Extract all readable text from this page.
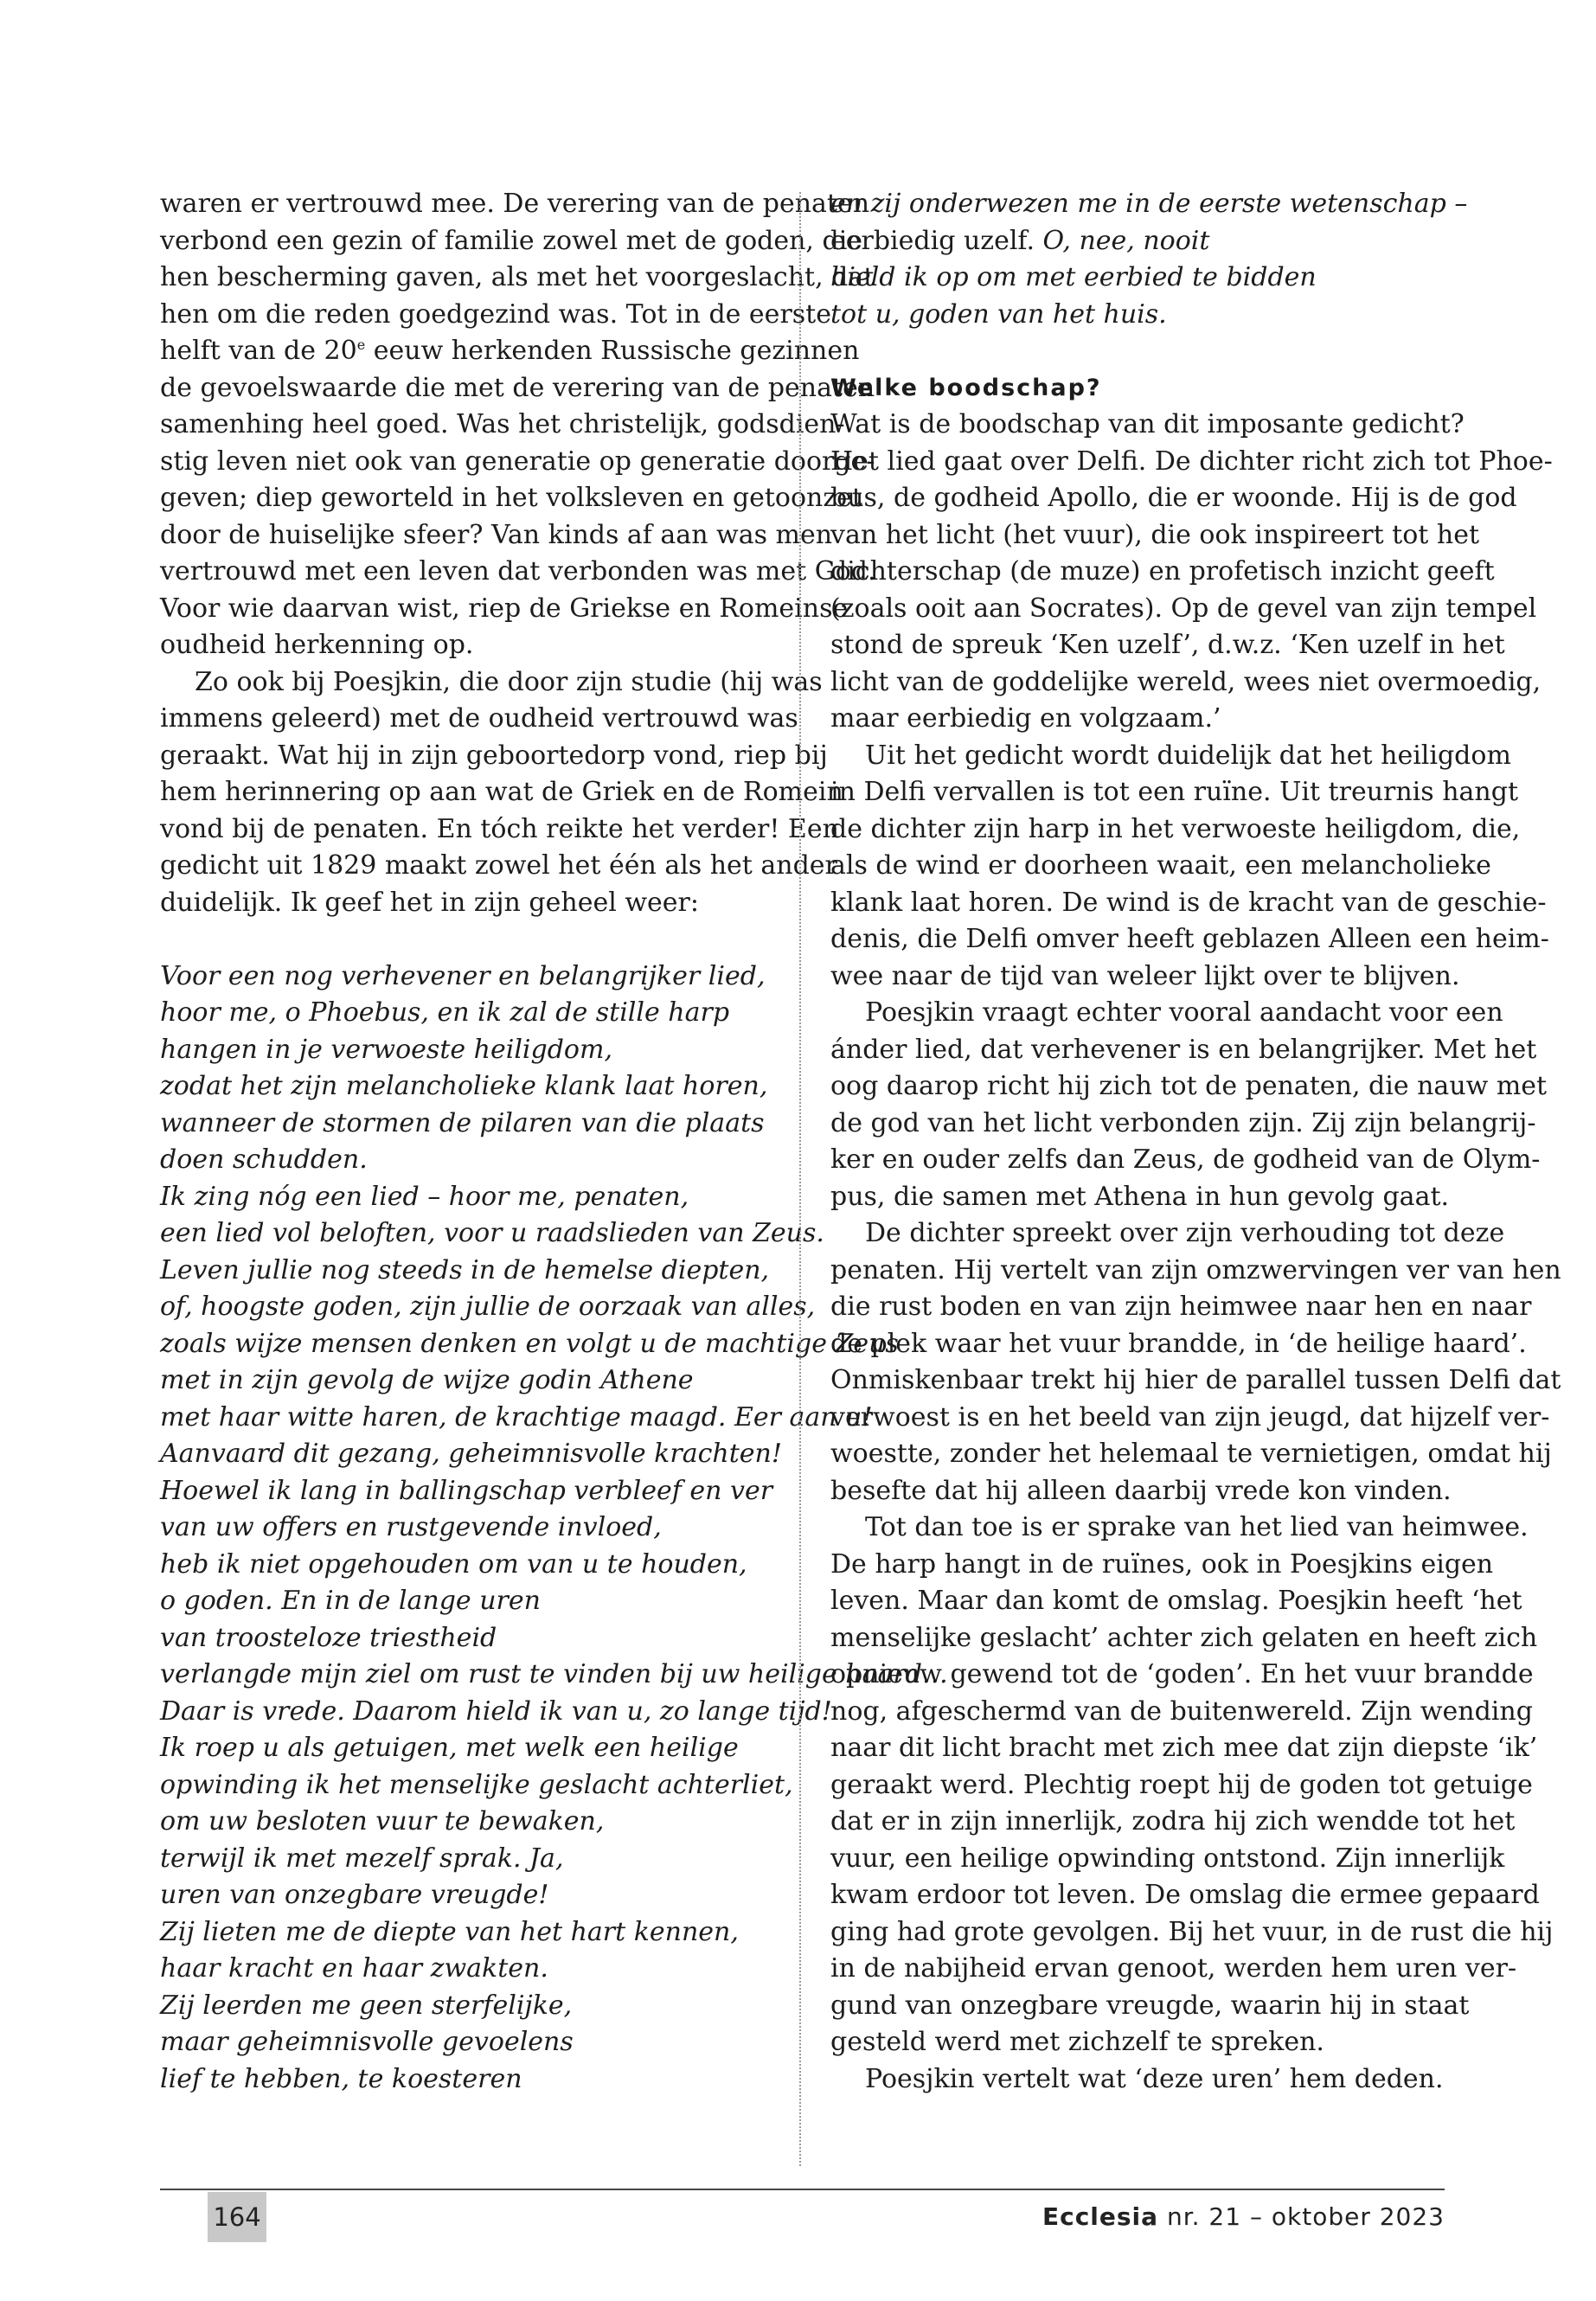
waren er vertrouwd mee. De verering van de penaten
verbond een gezin of familie zowel met de goden, die
hen bescherming gaven, als met het voorgeslacht, dat
hen om die reden goedgezind was. Tot in de eerste
helft van de 20e eeuw herkenden Russische gezinnen
de gevoelswaarde die met de verering van de penaten
samenhing heel goed. Was het christelijk, godsdien-
stig leven niet ook van generatie op generatie doorge-
geven; diep geworteld in het volksleven en getoonzet
door de huiselijke sfeer? Van kinds af aan was men
vertrouwd met een leven dat verbonden was met God.
Voor wie daarvan wist, riep de Griekse en Romeinse
oudheid herkenning op.

Zo ook bij Poesjkin, die door zijn studie (hij was
immens geleerd) met de oudheid vertrouwd was
geraakt. Wat hij in zijn geboortedorp vond, riep bij
hem herinnering op aan wat de Griek en de Romein
vond bij de penaten. En tóch reikte het verder! Een
gedicht uit 1829 maakt zowel het één als het ander
duidelijk. Ik geef het in zijn geheel weer:

Voor een nog verhevener en belangrijker lied,
hoor me, o Phoebus, en ik zal de stille harp
hangen in je verwoeste heiligdom,
zodat het zijn melancholieke klank laat horen,
wanneer de stormen de pilaren van die plaats
doen schudden.
Ik zing nóg een lied – hoor me, penaten,
een lied vol beloften, voor u raadslieden van Zeus.
Leven jullie nog steeds in de hemelse diepten,
of, hoogste goden, zijn jullie de oorzaak van alles,
zoals wijze mensen denken en volgt u de machtige Zeus
met in zijn gevolg de wijze godin Athene
met haar witte haren, de krachtige maagd. Eer aan u!
Aanvaard dit gezang, geheimnisvolle krachten!
Hoewel ik lang in ballingschap verbleef en ver
van uw offers en rustgevende invloed,
heb ik niet opgehouden om van u te houden,
o goden. En in de lange uren
van troosteloze triestheid
verlangde mijn ziel om rust te vinden bij uw heilige haard…
Daar is vrede. Daarom hield ik van u, zo lange tijd!
Ik roep u als getuigen, met welk een heilige
opwinding ik het menselijke geslacht achterliet,
om uw besloten vuur te bewaken,
terwijl ik met mezelf sprak. Ja,
uren van onzegbare vreugde!
Zij lieten me de diepte van het hart kennen,
haar kracht en haar zwakten.
Zij leerden me geen sterfelijke,
maar geheimnisvolle gevoelens
lief te hebben, te koesteren
en zij onderwezen me in de eerste wetenschap –
eerbiedig uzelf. O, nee, nooit
hield ik op om met eerbied te bidden
tot u, goden van het huis.
Welke boodschap?

Wat is de boodschap van dit imposante gedicht?
Het lied gaat over Delfi. De dichter richt zich tot Phoe-
bus, de godheid Apollo, die er woonde. Hij is de god
van het licht (het vuur), die ook inspireert tot het
dichterschap (de muze) en profetisch inzicht geeft
(zoals ooit aan Socrates). Op de gevel van zijn tempel
stond de spreuk ‘Ken uzelf’, d.w.z. ‘Ken uzelf in het
licht van de goddelijke wereld, wees niet overmoedig,
maar eerbiedig en volgzaam.’

Uit het gedicht wordt duidelijk dat het heiligdom
in Delfi vervallen is tot een ruïne. Uit treurnis hangt
de dichter zijn harp in het verwoeste heiligdom, die,
als de wind er doorheen waait, een melancholieke
klank laat horen. De wind is de kracht van de geschie-
denis, die Delfi omver heeft geblazen Alleen een heim-
wee naar de tijd van weleer lijkt over te blijven.

Poesjkin vraagt echter vooral aandacht voor een
ánder lied, dat verhevener is en belangrijker. Met het
oog daarop richt hij zich tot de penaten, die nauw met
de god van het licht verbonden zijn. Zij zijn belangrij-
ker en ouder zelfs dan Zeus, de godheid van de Olym-
pus, die samen met Athena in hun gevolg gaat.

De dichter spreekt over zijn verhouding tot deze
penaten. Hij vertelt van zijn omzwervingen ver van hen
die rust boden en van zijn heimwee naar hen en naar
de plek waar het vuur brandde, in ‘de heilige haard’.
Onmiskenbaar trekt hij hier de parallel tussen Delfi dat
verwoest is en het beeld van zijn jeugd, dat hijzelf ver-
woestte, zonder het helemaal te vernietigen, omdat hij
besefte dat hij alleen daarbij vrede kon vinden.

Tot dan toe is er sprake van het lied van heimwee.
De harp hangt in de ruïnes, ook in Poesjkins eigen
leven. Maar dan komt de omslag. Poesjkin heeft ‘het
menselijke geslacht’ achter zich gelaten en heeft zich
opnieuw gewend tot de ‘goden’. En het vuur brandde
nog, afgeschermd van de buitenwereld. Zijn wending
naar dit licht bracht met zich mee dat zijn diepste ‘ik’
geraakt werd. Plechtig roept hij de goden tot getuige
dat er in zijn innerlijk, zodra hij zich wendde tot het
vuur, een heilige opwinding ontstond. Zijn innerlijk
kwam erdoor tot leven. De omslag die ermee gepaard
ging had grote gevolgen. Bij het vuur, in de rust die hij
in de nabijheid ervan genoot, werden hem uren ver-
gund van onzegbare vreugde, waarin hij in staat
gesteld werd met zichzelf te spreken.

Poesjkin vertelt wat ‘deze uren’ hem deden.

164	Ecclesia nr. 21 – oktober 2023
